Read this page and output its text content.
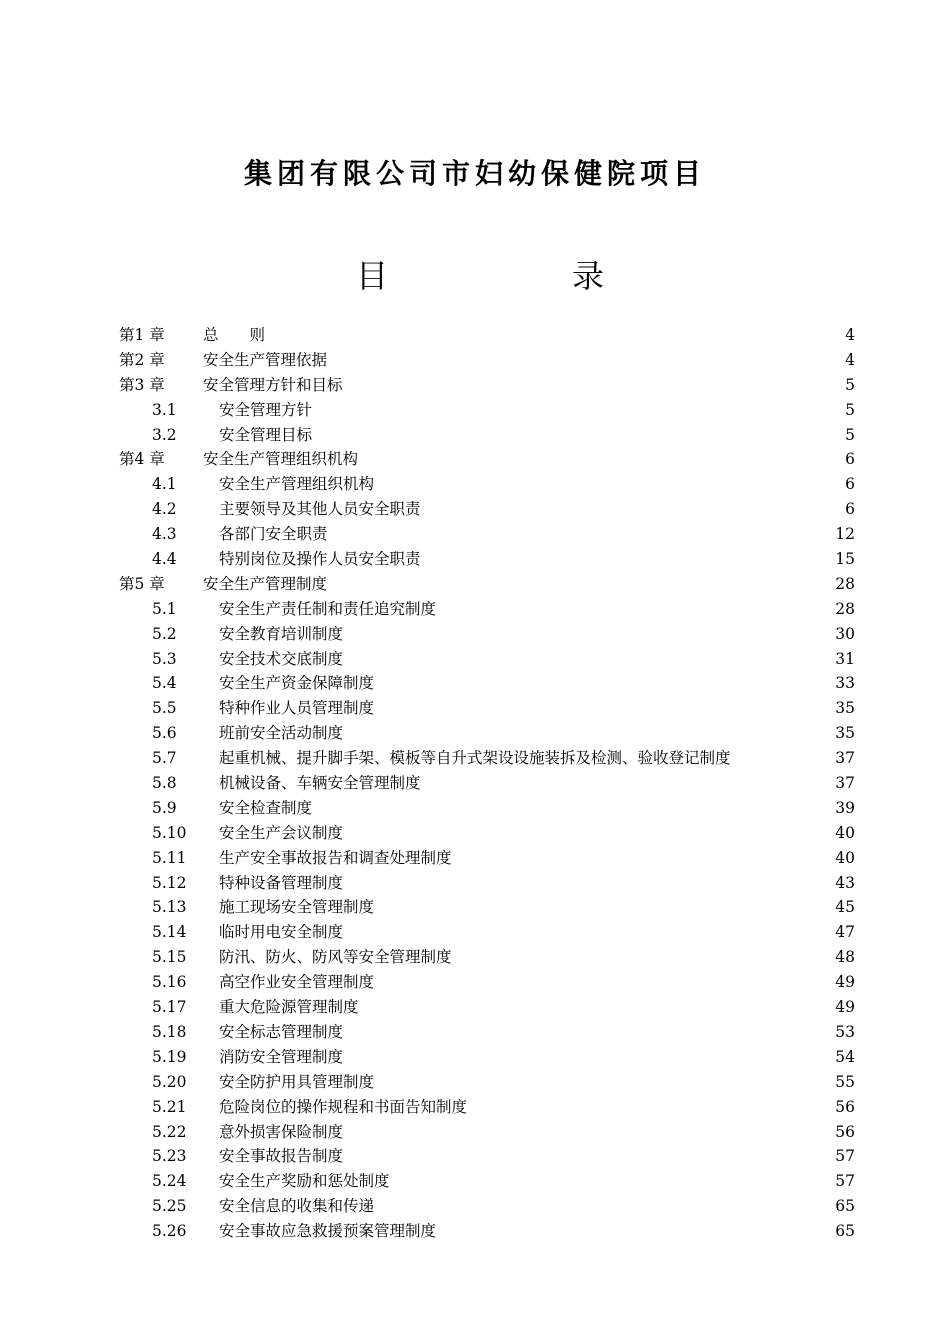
集团有限公司市妇幼保健院项目
目	录
第1 章 总　　则	4
第2 章 安全生产管理依据	4
第3 章 安全管理方针和目标	5
3.1	安全管理方针	5
3.2	安全管理目标	5
第4 章 安全生产管理组织机构	6
4.1	安全生产管理组织机构	6
4.2	主要领导及其他人员安全职责	6
4.3	各部门安全职责	12
4.4	特别岗位及操作人员安全职责	15
第5 章 安全生产管理制度	28
5.1	安全生产责任制和责任追究制度	28
5.2	安全教育培训制度	30
5.3	安全技术交底制度	31
5.4	安全生产资金保障制度	33
5.5	特种作业人员管理制度	35
5.6	班前安全活动制度	35
5.7	起重机械、提升脚手架、模板等自升式架设设施装拆及检测、验收登记制度	37
5.8	机械设备、车辆安全管理制度	37
5.9	安全检查制度	39
5.10 安全生产会议制度	40
5.11 生产安全事故报告和调查处理制度	40
5.12 特种设备管理制度	43
5.13 施工现场安全管理制度	45
5.14 临时用电安全制度	47
5.15 防汛、防火、防风等安全管理制度	48
5.16 高空作业安全管理制度	49
5.17 重大危险源管理制度	49
5.18 安全标志管理制度	53
5.19 消防安全管理制度	54
5.20 安全防护用具管理制度	55
5.21 危险岗位的操作规程和书面告知制度	56
5.22 意外损害保险制度	56
5.23 安全事故报告制度	57
5.24 安全生产奖励和惩处制度	57
5.25 安全信息的收集和传递	65
5.26 安全事故应急救援预案管理制度	65
